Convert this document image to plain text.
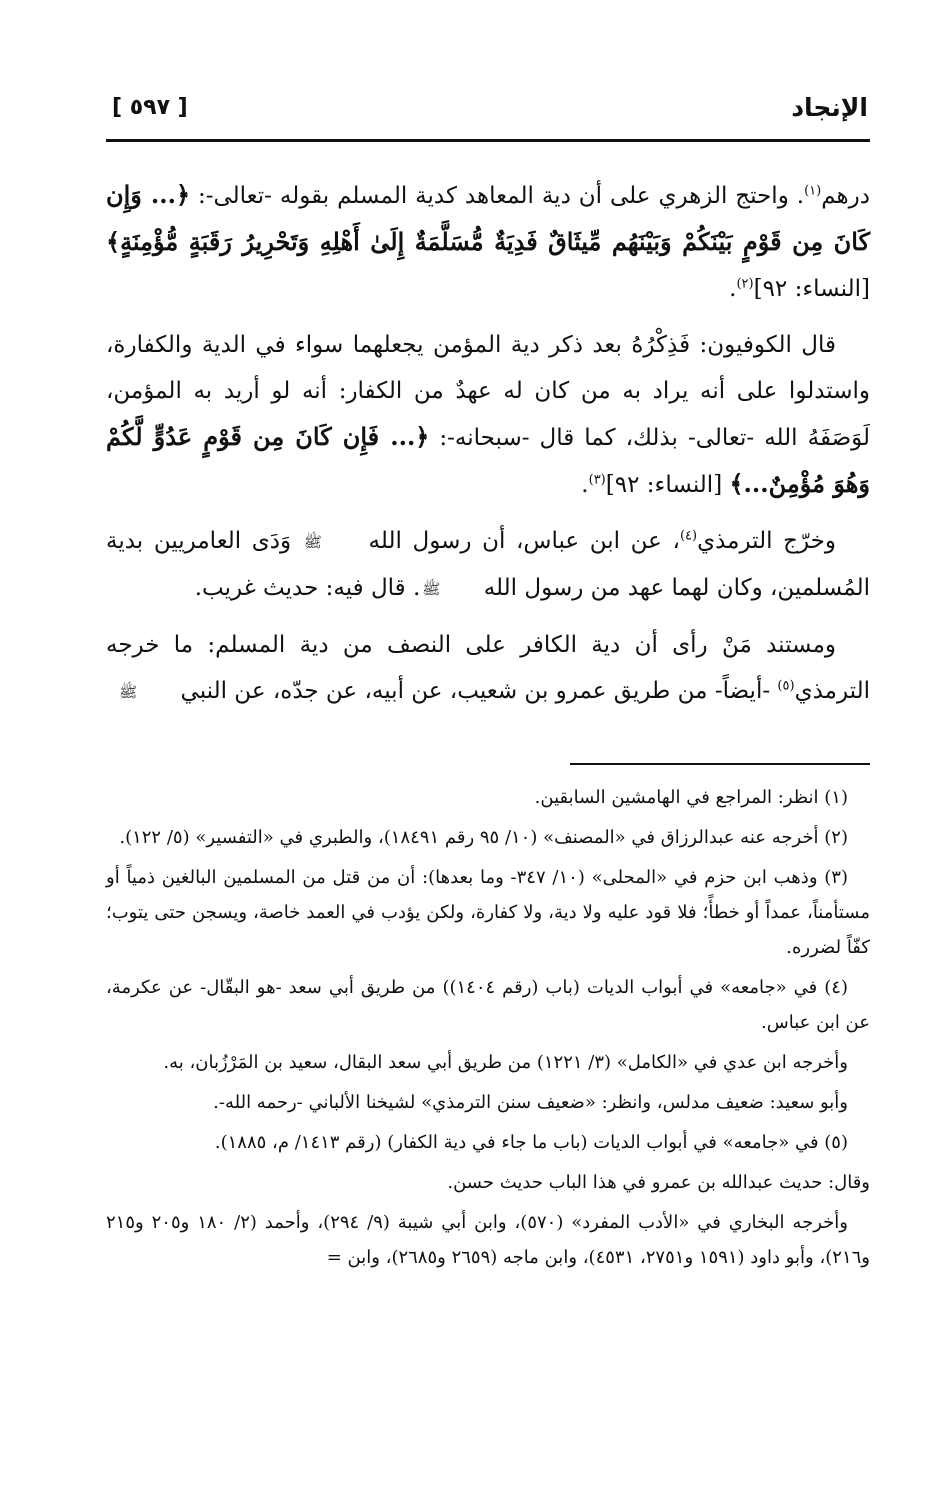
[ ٥٩٧ ]	الإنجاد

درهم$^{(١)}$. واحتج الزهري على أن دية المعاهد كدية المسلم بقوله -تعالى-: ﴿... وَإِن كَانَ مِن قَوْمٍ بَيْنَكُمْ وَبَيْنَهُم مِّيثَاقٌ فَدِيَةٌ مُّسَلَّمَةٌ إِلَىٰ أَهْلِهِ وَتَحْرِيرُ رَقَبَةٍ مُّؤْمِنَةٍ﴾ [النساء: ٩٢]$^{(٢)}$.

قال الكوفيون: فَذِكْرُهُ بعد ذكر دية المؤمن يجعلهما سواء في الدية والكفارة، واستدلوا على أنه يراد به من كان له عهدٌ من الكفار: أنه لو أريد به المؤمن، لَوَصَفَهُ الله -تعالى- بذلك، كما قال -سبحانه-: ﴿... فَإِن كَانَ مِن قَوْمٍ عَدُوٍّ لَّكُمْ وَهُوَ مُؤْمِنٌ...﴾ [النساء: ٩٢]$^{(٣)}$.

وخرّج الترمذي$^{(٤)}$، عن ابن عباس، أن رسول الله ﷺ وَدَى العامريين بدية المُسلمين، وكان لهما عهد من رسول الله ﷺ. قال فيه: حديث غريب.

ومستند مَنْ رأى أن دية الكافر على النصف من دية المسلم: ما خرجه الترمذي$^{(٥)}$ -أيضاً- من طريق عمرو بن شعيب، عن أبيه، عن جدّه، عن النبي ﷺ

(١) انظر: المراجع في الهامشين السابقين.

(٢) أخرجه عنه عبدالرزاق في «المصنف» (١٠/ ٩٥ رقم ١٨٤٩١)، والطبري في «التفسير» (٥/ ١٢٢).

(٣) وذهب ابن حزم في «المحلى» (١٠/ ٣٤٧- وما بعدها): أن من قتل من المسلمين البالغين ذمياً أو مستأمناً، عمداً أو خطأً؛ فلا قود عليه ولا دية، ولا كفارة، ولكن يؤدب في العمد خاصة، ويسجن حتى يتوب؛ كفّاً لضرره.

(٤) في «جامعه» في أبواب الديات (باب (رقم ١٤٠٤)) من طريق أبي سعد -هو البقّال- عن عكرمة، عن ابن عباس.

وأخرجه ابن عدي في «الكامل» (٣/ ١٢٢١) من طريق أبي سعد البقال، سعيد بن المَرْزُبان، به.

وأبو سعيد: ضعيف مدلس، وانظر: «ضعيف سنن الترمذي» لشيخنا الألباني -رحمه الله-.

(٥) في «جامعه» في أبواب الديات (باب ما جاء في دية الكفار) (رقم ١٤١٣/ م، ١٨٨٥).

وقال: حديث عبدالله بن عمرو في هذا الباب حديث حسن.

وأخرجه البخاري في «الأدب المفرد» (٥٧٠)، وابن أبي شيبة (٩/ ٢٩٤)، وأحمد (٢/ ١٨٠ و٢٠٥ و٢١٥ و٢١٦)، وأبو داود (١٥٩١ و٢٧٥١، ٤٥٣١)، وابن ماجه (٢٦٥٩ و٢٦٨٥)، وابن =
